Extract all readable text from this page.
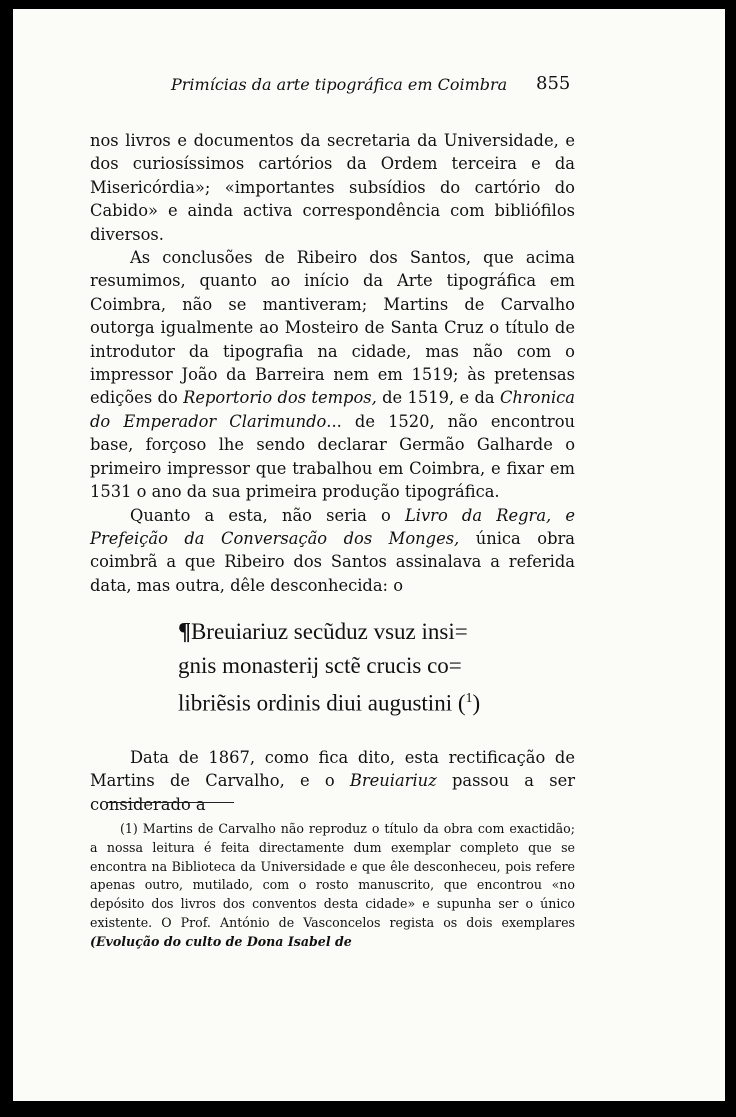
Primícias da arte tipográfica em Coimbra 855

nos livros e documentos da secretaria da Universidade, e dos curiosíssimos cartórios da Ordem terceira e da Misericórdia»; «importantes subsídios do cartório do Cabido» e ainda activa correspondência com bibliófilos diversos.

As conclusões de Ribeiro dos Santos, que acima resumimos, quanto ao início da Arte tipográfica em Coimbra, não se mantiveram; Martins de Carvalho outorga igualmente ao Mosteiro de Santa Cruz o título de introdutor da tipografia na cidade, mas não com o impressor João da Barreira nem em 1519; às pretensas edições do Reportorio dos tempos, de 1519, e da Chronica do Emperador Clarimundo... de 1520, não encontrou base, forçoso lhe sendo declarar Germão Galharde o primeiro impressor que trabalhou em Coimbra, e fixar em 1531 o ano da sua primeira produção tipográfica.

Quanto a esta, não seria o Livro da Regra, e Prefeição da Conversação dos Monges, única obra coimbrã a que Ribeiro dos Santos assinalava a referida data, mas outra, dêle desconhecida: o

¶Breuiariuz secũduz vsuz insi=
gnis monasterij sctẽ crucis co=
libriẽsis ordinis diui augustini ($^1$)

Data de 1867, como fica dito, esta rectificação de Martins de Carvalho, e o Breuiariuz passou a ser considerado a

(1) Martins de Carvalho não reproduz o título da obra com exactidão; a nossa leitura é feita directamente dum exemplar completo que se encontra na Biblioteca da Universidade e que êle desconheceu, pois refere apenas outro, mutilado, com o rosto manuscrito, que encontrou «no depósito dos livros dos conventos desta cidade» e supunha ser o único existente. O Prof. António de Vasconcelos regista os dois exemplares (Evolução do culto de Dona Isabel de
